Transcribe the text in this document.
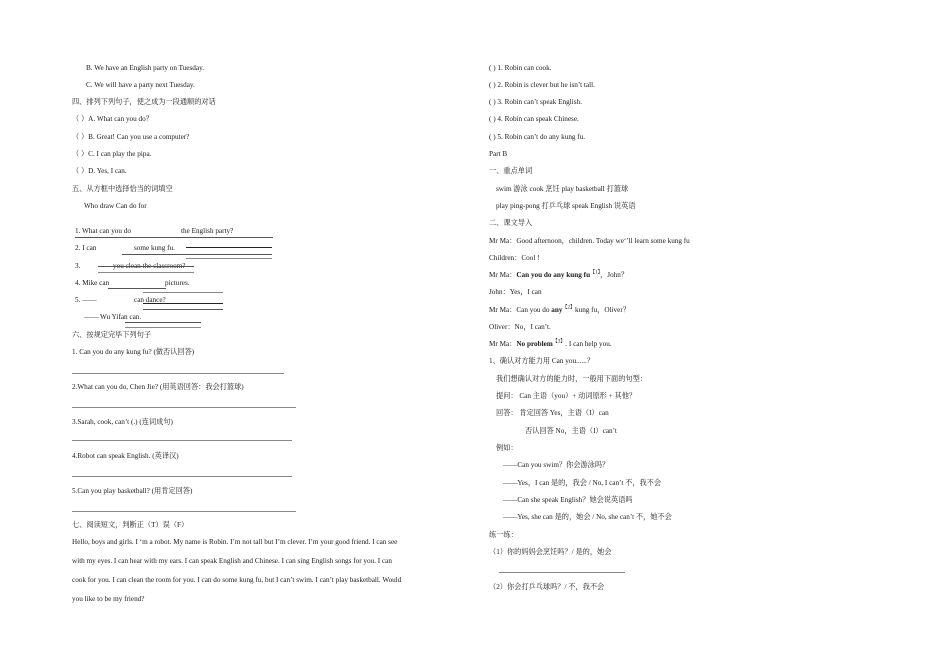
B. We have an English party on Tuesday.
C. We will have a party next Tuesday.
四、排列下列句子，使之成为一段通顺的对话
（ ）A. What can you do？
（ ）B. Great! Can you use a computer?
（ ）C. I can play the pipa.
（ ）D. Yes, I can.
五、从方框中选择恰当的词填空
Who draw Can do for
1. What can you do	the English party?
2. I can	some kung fu.
3.	you clean the classroom?
4. Mike can	pictures.
5. ——	can dance?
—— Wu Yifan can.
六、按规定完毕下列句子
1. Can you do any kung fu? (做否认回答)
2.What can you do, Chen Jie? (用英语回答：我会打篮球)
3.Sarah, cook, can’t (.) (连词成句)
4.Robot can speak English. (英译汉)
5.Can you play basketball? (用肯定回答)
七、阅读短文，判断正（T）误（F）
Hello, boys and girls. I ‘m a robot. My name is Robin. I’m not tall but I’m clever. I’m your good friend. I can see
with my eyes. I can hear with my ears. I can speak English and Chinese. I can sing English songs for you. I can
cook for you. I can clean the room for you. I can do some kung fu, but I can’t swim. I can’t play basketball. Would
you like to be my friend?
( ) 1. Robin can cook.
( ) 2. Robin is clever but he isn’t tall.
( ) 3. Robin can’t speak English.
( ) 4. Robin can speak Chinese.
( ) 5. Robin can’t do any kung fu.
Part B
一、重点单词
swim 游泳 cook 烹饪 play basketball 打篮球
play ping-pong 打乒乓球 speak English 说英语
二、课文导入
Mr Ma：Good afternoon，children. Today we‘’ll learn some kung fu
Children：Cool !
Mr Ma：Can you do any kung $fu^{【1】}$，John？
John：Yes，I can
Mr Ma：Can you do any$^{【2】}$kung fu，Oliver？
Oliver：No，I can’t.
Mr Ma：No problem$^{【3】}$. I can help you.
1、确认对方能力用 Can you......？
我们想确认对方的能力时，一般用下面的句型：
提问： Can 主语（you）+ 动词原形 + 其他？
回答： 肯定回答 Yes，主语（I）can
否认回答 No，主语（I）can’t
例如：
——Can you swim？你会游泳吗？
——Yes，I can 是的，我会 / No, I can’t 不，我不会
——Can she speak English？她会说英语吗
——Yes, she can 是的，她会 / No, she can’t 不，她不会
练一练：
（1）你的妈妈会烹饪吗？/ 是的，她会
（2）你会打乒乓球吗？/ 不，我不会
